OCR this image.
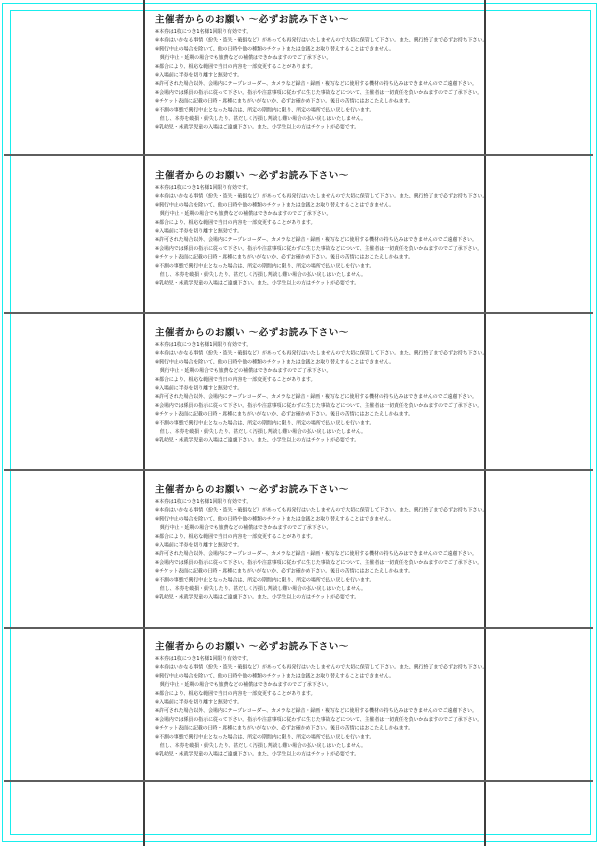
主催者からのお願い ～必ずお読み下さい～
※本券は1枚につき1名様1回限り有効です。
※本券はいかなる事情（紛失・盗失・破損など）があっても再発行はいたしませんので大切に保管して下さい。また、興行終了まで必ずお持ち下さい。
※興行中止の場合を除いて、他の日時や他の種類のチケットまたは金銭とお取り替えすることはできません。
　興行中止・延期の場合でも旅費などの補償はできかねますのでご了承下さい。
※都合により、相応な範囲で当日の内容を一部変更することがあります。
※入場前に半券を切り離すと無効です。
※許可された場合以外、会場内にテープレコーダー、カメラなど録音・録画・複写などに使用する機材の持ち込みはできませんのでご遠慮下さい。
※会場内では係員の指示に従って下さい。指示や注意事項に従わずに生じた事故などについて、主催者は一切責任を負いかねますのでご了承下さい。
※チケット表面に記載の日時・席種にまちがいがないか、必ずお確かめ下さい。後日の苦情にはおこたえしかねます。
※不測の事態で興行中止となった場合は、所定の期間内に限り、所定の場所で払い戻しを行います。
　但し、本券を破損・紛失したり、甚だしく汚損し判読し難い場合の払い戻しはいたしません。
※乳幼児・未就学児童の入場はご遠慮下さい。また、小学生以上の方はチケットが必要です。
主催者からのお願い ～必ずお読み下さい～
※本券は1枚につき1名様1回限り有効です。
※本券はいかなる事情（紛失・盗失・破損など）があっても再発行はいたしませんので大切に保管して下さい。また、興行終了まで必ずお持ち下さい。
※興行中止の場合を除いて、他の日時や他の種類のチケットまたは金銭とお取り替えすることはできません。
　興行中止・延期の場合でも旅費などの補償はできかねますのでご了承下さい。
※都合により、相応な範囲で当日の内容を一部変更することがあります。
※入場前に半券を切り離すと無効です。
※許可された場合以外、会場内にテープレコーダー、カメラなど録音・録画・複写などに使用する機材の持ち込みはできませんのでご遠慮下さい。
※会場内では係員の指示に従って下さい。指示や注意事項に従わずに生じた事故などについて、主催者は一切責任を負いかねますのでご了承下さい。
※チケット表面に記載の日時・席種にまちがいがないか、必ずお確かめ下さい。後日の苦情にはおこたえしかねます。
※不測の事態で興行中止となった場合は、所定の期間内に限り、所定の場所で払い戻しを行います。
　但し、本券を破損・紛失したり、甚だしく汚損し判読し難い場合の払い戻しはいたしません。
※乳幼児・未就学児童の入場はご遠慮下さい。また、小学生以上の方はチケットが必要です。
主催者からのお願い ～必ずお読み下さい～
※本券は1枚につき1名様1回限り有効です。
※本券はいかなる事情（紛失・盗失・破損など）があっても再発行はいたしませんので大切に保管して下さい。また、興行終了まで必ずお持ち下さい。
※興行中止の場合を除いて、他の日時や他の種類のチケットまたは金銭とお取り替えすることはできません。
　興行中止・延期の場合でも旅費などの補償はできかねますのでご了承下さい。
※都合により、相応な範囲で当日の内容を一部変更することがあります。
※入場前に半券を切り離すと無効です。
※許可された場合以外、会場内にテープレコーダー、カメラなど録音・録画・複写などに使用する機材の持ち込みはできませんのでご遠慮下さい。
※会場内では係員の指示に従って下さい。指示や注意事項に従わずに生じた事故などについて、主催者は一切責任を負いかねますのでご了承下さい。
※チケット表面に記載の日時・席種にまちがいがないか、必ずお確かめ下さい。後日の苦情にはおこたえしかねます。
※不測の事態で興行中止となった場合は、所定の期間内に限り、所定の場所で払い戻しを行います。
　但し、本券を破損・紛失したり、甚だしく汚損し判読し難い場合の払い戻しはいたしません。
※乳幼児・未就学児童の入場はご遠慮下さい。また、小学生以上の方はチケットが必要です。
主催者からのお願い ～必ずお読み下さい～
※本券は1枚につき1名様1回限り有効です。
※本券はいかなる事情（紛失・盗失・破損など）があっても再発行はいたしませんので大切に保管して下さい。また、興行終了まで必ずお持ち下さい。
※興行中止の場合を除いて、他の日時や他の種類のチケットまたは金銭とお取り替えすることはできません。
　興行中止・延期の場合でも旅費などの補償はできかねますのでご了承下さい。
※都合により、相応な範囲で当日の内容を一部変更することがあります。
※入場前に半券を切り離すと無効です。
※許可された場合以外、会場内にテープレコーダー、カメラなど録音・録画・複写などに使用する機材の持ち込みはできませんのでご遠慮下さい。
※会場内では係員の指示に従って下さい。指示や注意事項に従わずに生じた事故などについて、主催者は一切責任を負いかねますのでご了承下さい。
※チケット表面に記載の日時・席種にまちがいがないか、必ずお確かめ下さい。後日の苦情にはおこたえしかねます。
※不測の事態で興行中止となった場合は、所定の期間内に限り、所定の場所で払い戻しを行います。
　但し、本券を破損・紛失したり、甚だしく汚損し判読し難い場合の払い戻しはいたしません。
※乳幼児・未就学児童の入場はご遠慮下さい。また、小学生以上の方はチケットが必要です。
主催者からのお願い ～必ずお読み下さい～
※本券は1枚につき1名様1回限り有効です。
※本券はいかなる事情（紛失・盗失・破損など）があっても再発行はいたしませんので大切に保管して下さい。また、興行終了まで必ずお持ち下さい。
※興行中止の場合を除いて、他の日時や他の種類のチケットまたは金銭とお取り替えすることはできません。
　興行中止・延期の場合でも旅費などの補償はできかねますのでご了承下さい。
※都合により、相応な範囲で当日の内容を一部変更することがあります。
※入場前に半券を切り離すと無効です。
※許可された場合以外、会場内にテープレコーダー、カメラなど録音・録画・複写などに使用する機材の持ち込みはできませんのでご遠慮下さい。
※会場内では係員の指示に従って下さい。指示や注意事項に従わずに生じた事故などについて、主催者は一切責任を負いかねますのでご了承下さい。
※チケット表面に記載の日時・席種にまちがいがないか、必ずお確かめ下さい。後日の苦情にはおこたえしかねます。
※不測の事態で興行中止となった場合は、所定の期間内に限り、所定の場所で払い戻しを行います。
　但し、本券を破損・紛失したり、甚だしく汚損し判読し難い場合の払い戻しはいたしません。
※乳幼児・未就学児童の入場はご遠慮下さい。また、小学生以上の方はチケットが必要です。
